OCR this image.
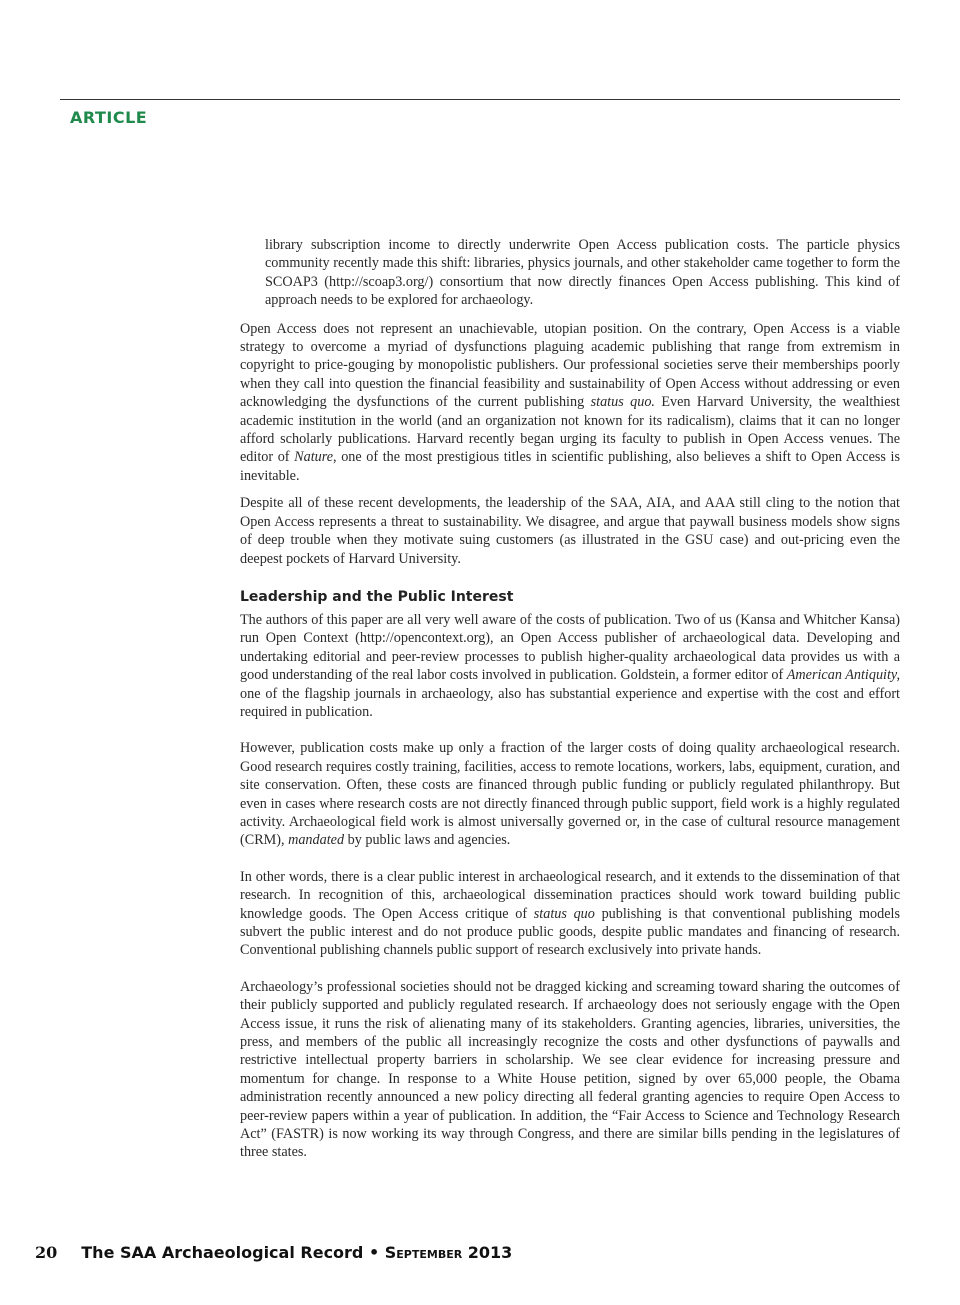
ARTICLE

library subscription income to directly underwrite Open Access publication costs. The particle physics community recently made this shift: libraries, physics journals, and other stakeholder came together to form the SCOAP3 (http://scoap3.org/) consortium that now directly finances Open Access publishing. This kind of approach needs to be explored for archaeology.

Open Access does not represent an unachievable, utopian position. On the contrary, Open Access is a viable strategy to overcome a myriad of dysfunctions plaguing academic publishing that range from extremism in copyright to price-gouging by monopolistic publishers. Our professional societies serve their memberships poorly when they call into question the financial feasibility and sustainability of Open Access without addressing or even acknowledging the dysfunctions of the current publishing status quo. Even Harvard University, the wealthiest academic institution in the world (and an organization not known for its radicalism), claims that it can no longer afford scholarly publications. Harvard recently began urging its faculty to publish in Open Access venues. The editor of Nature, one of the most prestigious titles in scientific publishing, also believes a shift to Open Access is inevitable.

Despite all of these recent developments, the leadership of the SAA, AIA, and AAA still cling to the notion that Open Access represents a threat to sustainability. We disagree, and argue that paywall business models show signs of deep trouble when they motivate suing customers (as illustrated in the GSU case) and out-pricing even the deepest pockets of Harvard University.

Leadership and the Public Interest

The authors of this paper are all very well aware of the costs of publication. Two of us (Kansa and Whitcher Kansa) run Open Context (http://opencontext.org), an Open Access publisher of archaeological data. Developing and undertaking editorial and peer-review processes to publish higher-quality archaeological data provides us with a good understanding of the real labor costs involved in publication. Goldstein, a former editor of American Antiquity, one of the flagship journals in archaeology, also has substantial experience and expertise with the cost and effort required in publication.

However, publication costs make up only a fraction of the larger costs of doing quality archaeological research. Good research requires costly training, facilities, access to remote locations, workers, labs, equipment, curation, and site conservation. Often, these costs are financed through public funding or publicly regulated philanthropy. But even in cases where research costs are not directly financed through public support, field work is a highly regulated activity. Archaeological field work is almost universally governed or, in the case of cultural resource management (CRM), mandated by public laws and agencies.

In other words, there is a clear public interest in archaeological research, and it extends to the dissemination of that research. In recognition of this, archaeological dissemination practices should work toward building public knowledge goods. The Open Access critique of status quo publishing is that conventional publishing models subvert the public interest and do not produce public goods, despite public mandates and financing of research. Conventional publishing channels public support of research exclusively into private hands.

Archaeology’s professional societies should not be dragged kicking and screaming toward sharing the outcomes of their publicly supported and publicly regulated research. If archaeology does not seriously engage with the Open Access issue, it runs the risk of alienating many of its stakeholders. Granting agencies, libraries, universities, the press, and members of the public all increasingly recognize the costs and other dysfunctions of paywalls and restrictive intellectual property barriers in scholarship. We see clear evidence for increasing pressure and momentum for change. In response to a White House petition, signed by over 65,000 people, the Obama administration recently announced a new policy directing all federal granting agencies to require Open Access to peer-review papers within a year of publication. In addition, the “Fair Access to Science and Technology Research Act” (FASTR) is now working its way through Congress, and there are similar bills pending in the legislatures of three states.

20 The SAA Archaeological Record • September 2013
